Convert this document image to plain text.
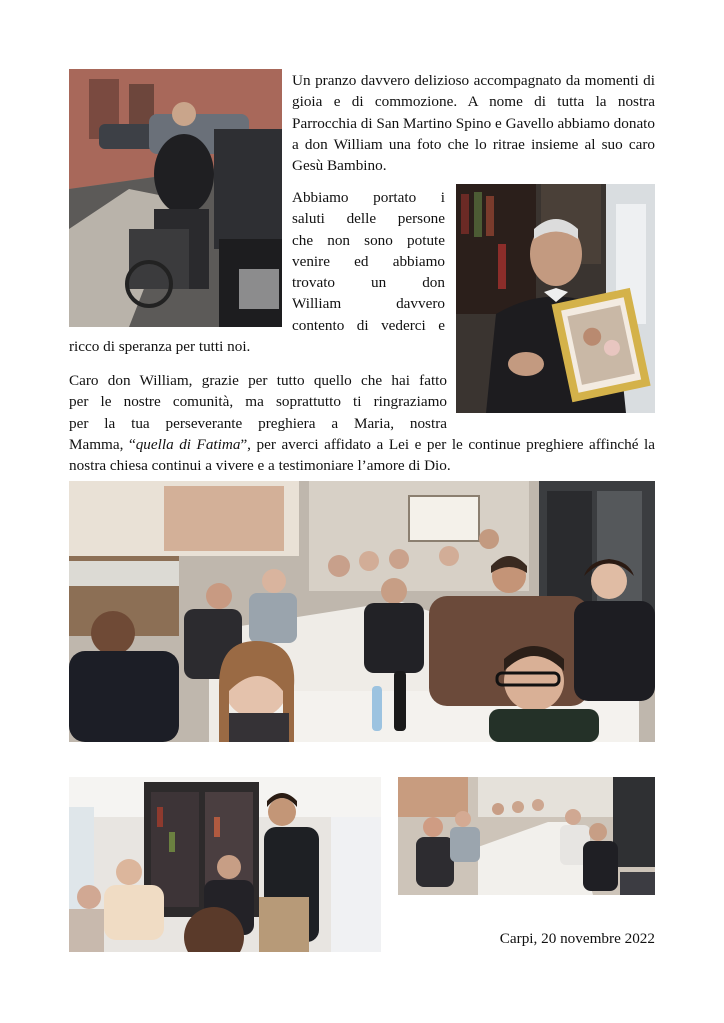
Un pranzo davvero delizioso accompagnato da momenti di gioia e di commozione. A nome di tutta la nostra Parrocchia di San Martino Spino e Gavello abbiamo donato a don William una foto che lo ritrae insieme al suo caro Gesù Bambino.

Abbiamo portato i

saluti delle persone

che non sono potute

venire ed abbiamo

trovato un don

William davvero

contento di vederci e

ricco di speranza per tutti noi.

Caro don William, grazie per tutto quello che hai fatto

per le nostre comunità, ma soprattutto ti ringraziamo

per la tua perseverante preghiera a Maria, nostra

Mamma, “quella di Fatima”, per averci affidato a Lei e per le continue preghiere affinché la nostra chiesa continui a vivere e a testimoniare l’amore di Dio.

Carpi, 20 novembre 2022
